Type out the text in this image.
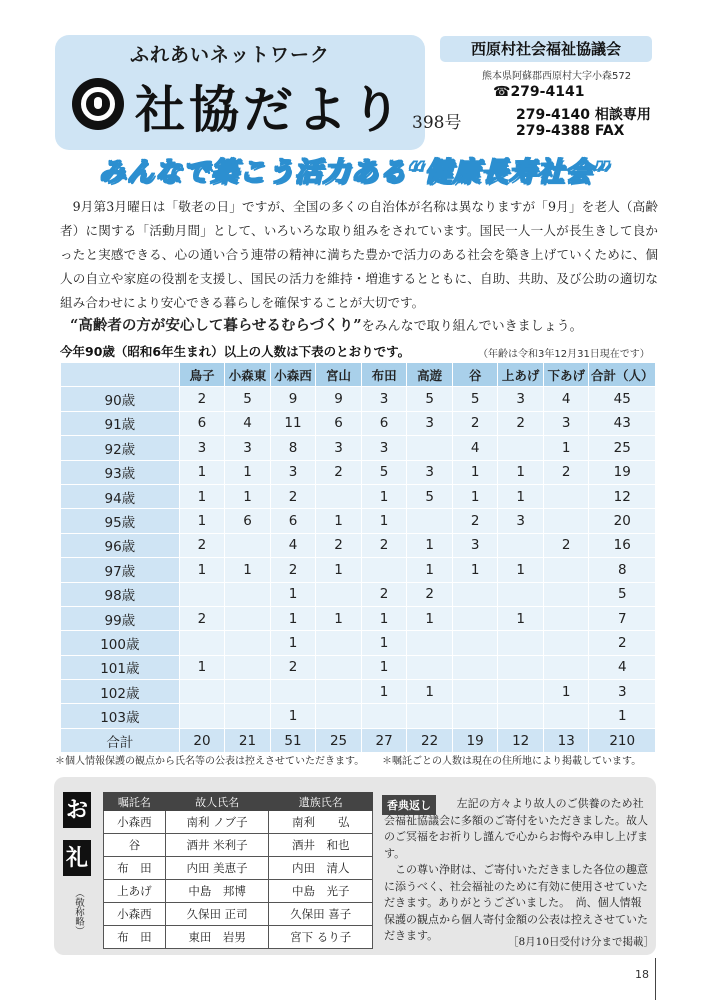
ふれあいネットワーク
社協だより 398号
西原村社会福祉協議会
熊本県阿蘇郡西原村大字小森572
☎279-4141
279-4140 相談専用
279-4388 FAX
みんなで築こう活力ある“健康長寿社会”

9月第3月曜日は「敬老の日」ですが、全国の多くの自治体が名称は異なりますが「9月」を老人（高齢者）に関する「活動月間」として、いろいろな取り組みをされています。国民一人一人が長生きして良かったと実感できる、心の通い合う連帯の精神に満ちた豊かで活力のある社会を築き上げていくために、個人の自立や家庭の役割を支援し、国民の活力を維持・増進するとともに、自助、共助、及び公助の適切な組み合わせにより安心できる暮らしを確保することが大切です。

“高齢者の方が安心して暮らせるむらづくり”をみんなで取り組んでいきましょう。
今年90歳（昭和6年生まれ）以上の人数は下表のとおりです。	（年齢は令和3年12月31日現在です）
	鳥子	小森東	小森西	宮山	布田	高遊	谷	上あげ	下あげ	合計（人）
90歳	2	5	9	9	3	5	5	3	4	45
91歳	6	4	11	6	6	3	2	2	3	43
92歳	3	3	8	3	3		4		1	25
93歳	1	1	3	2	5	3	1	1	2	19
94歳	1	1	2		1	5	1	1		12
95歳	1	6	6	1	1		2	3		20
96歳	2		4	2	2	1	3		2	16
97歳	1	1	2	1		1	1	1		8
98歳			1		2	2				5
99歳	2		1	1	1	1		1		7
100歳			1		1					2
101歳	1		2		1					4
102歳					1	1			1	3
103歳			1							1
合計	20	21	51	25	27	22	19	12	13	210
＊個人情報保護の観点から氏名等の公表は控えさせていただきます。 ＊嘱託ごとの人数は現在の住所地により掲載しています。
お
礼
（敬称略）
嘱託名	故人氏名	遺族氏名
小森西	南利 ノブ子	南利　　弘
谷	酒井 米利子	酒井　和也
布　田	内田 美恵子	内田　清人
上あげ	中島　邦博	中島　光子
小森西	久保田 正司	久保田 喜子
布　田	東田　岩男	宮下 るり子
香典返し	左記の方々より故人のご供養のため社会福祉協議会に多額のご寄付をいただきました。故人のご冥福をお祈りし謹んで心からお悔やみ申し上げます。

この尊い浄財は、ご寄付いただきました各位の趣意に添うべく、社会福祉のために有効に使用させていただきます。ありがとうございました。　尚、個人情報保護の観点から個人寄付金額の公表は控えさせていただきます。	［8月10日受付け分まで掲載］
18
